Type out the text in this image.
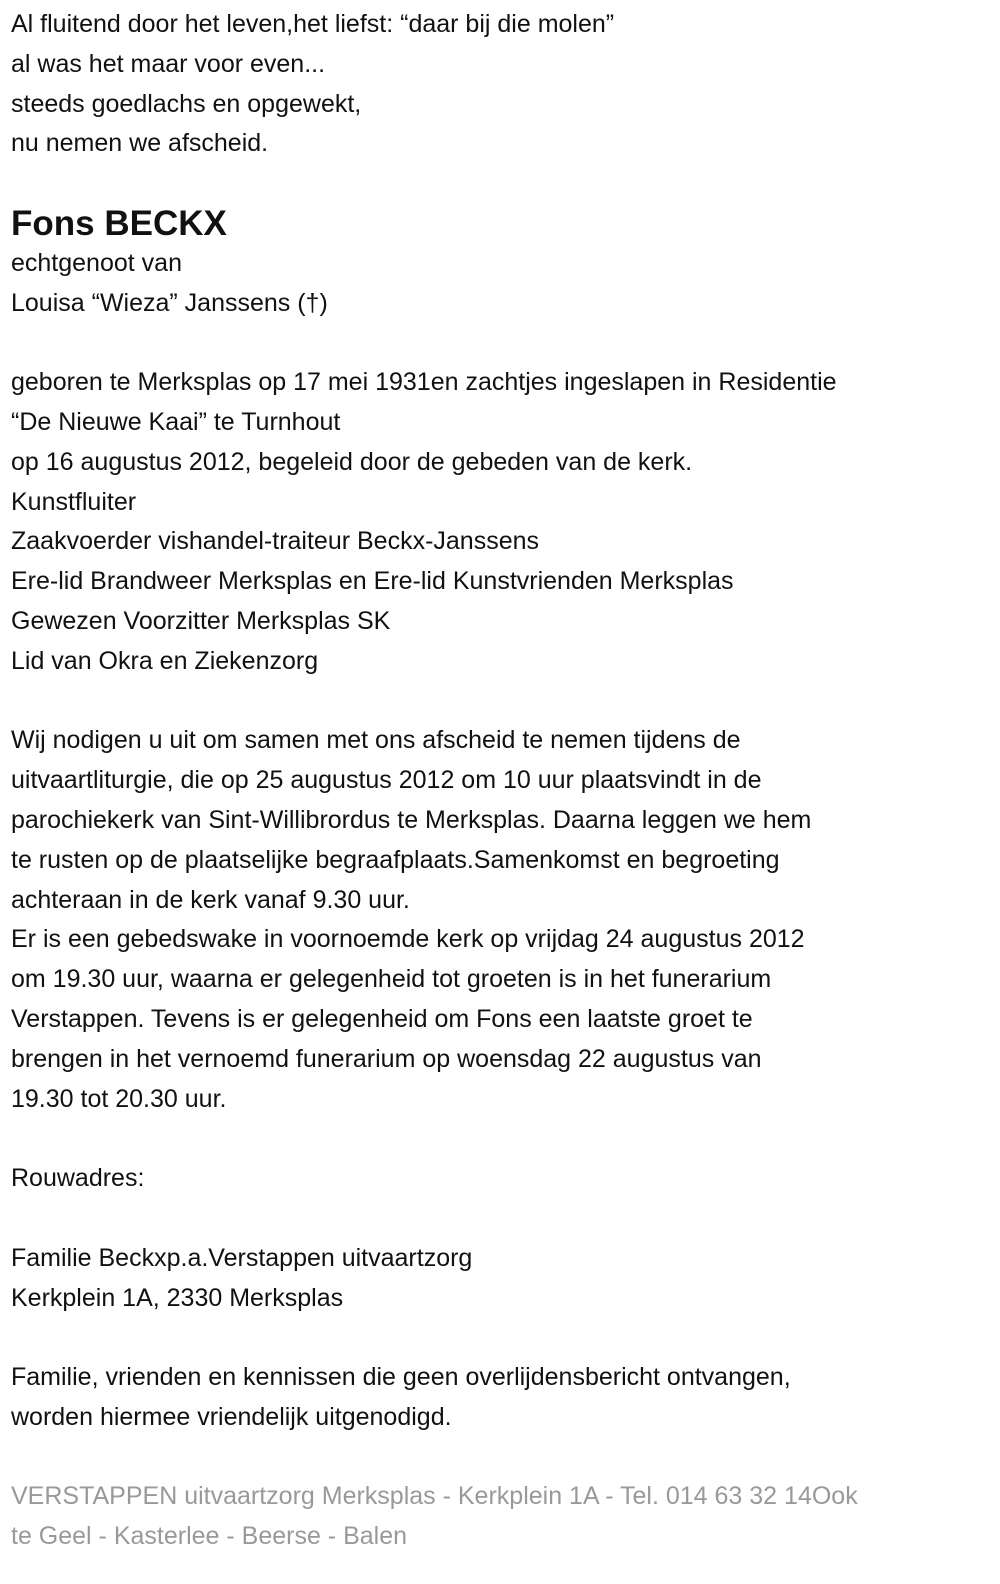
Al fluitend door het leven,het liefst: “daar bij die molen”
al was het maar voor even...
steeds goedlachs en opgewekt,
nu nemen we afscheid.
Fons BECKX
echtgenoot van
Louisa “Wieza” Janssens (†)
geboren te Merksplas op 17 mei 1931en zachtjes ingeslapen in Residentie
“De Nieuwe Kaai” te Turnhout
op 16 augustus 2012, begeleid door de gebeden van de kerk.
Kunstfluiter
Zaakvoerder vishandel-traiteur Beckx-Janssens
Ere-lid Brandweer Merksplas en Ere-lid Kunstvrienden Merksplas
Gewezen Voorzitter Merksplas SK
Lid van Okra en Ziekenzorg
Wij nodigen u uit om samen met ons afscheid te nemen tijdens de
uitvaartliturgie, die op 25 augustus 2012 om 10 uur plaatsvindt in de
parochiekerk van Sint-Willibrordus te Merksplas. Daarna leggen we hem
te rusten op de plaatselijke begraafplaats.Samenkomst en begroeting
achteraan in de kerk vanaf 9.30 uur.
Er is een gebedswake in voornoemde kerk op vrijdag 24 augustus 2012
om 19.30 uur, waarna er gelegenheid tot groeten is in het funerarium
Verstappen. Tevens is er gelegenheid om Fons een laatste groet te
brengen in het vernoemd funerarium op woensdag 22 augustus van
19.30 tot 20.30 uur.
Rouwadres:
Familie Beckxp.a.Verstappen uitvaartzorg
Kerkplein 1A, 2330 Merksplas
Familie, vrienden en kennissen die geen overlijdensbericht ontvangen,
worden hiermee vriendelijk uitgenodigd.
VERSTAPPEN uitvaartzorg Merksplas - Kerkplein 1A - Tel. 014 63 32 14Ook
te Geel - Kasterlee - Beerse - Balen
